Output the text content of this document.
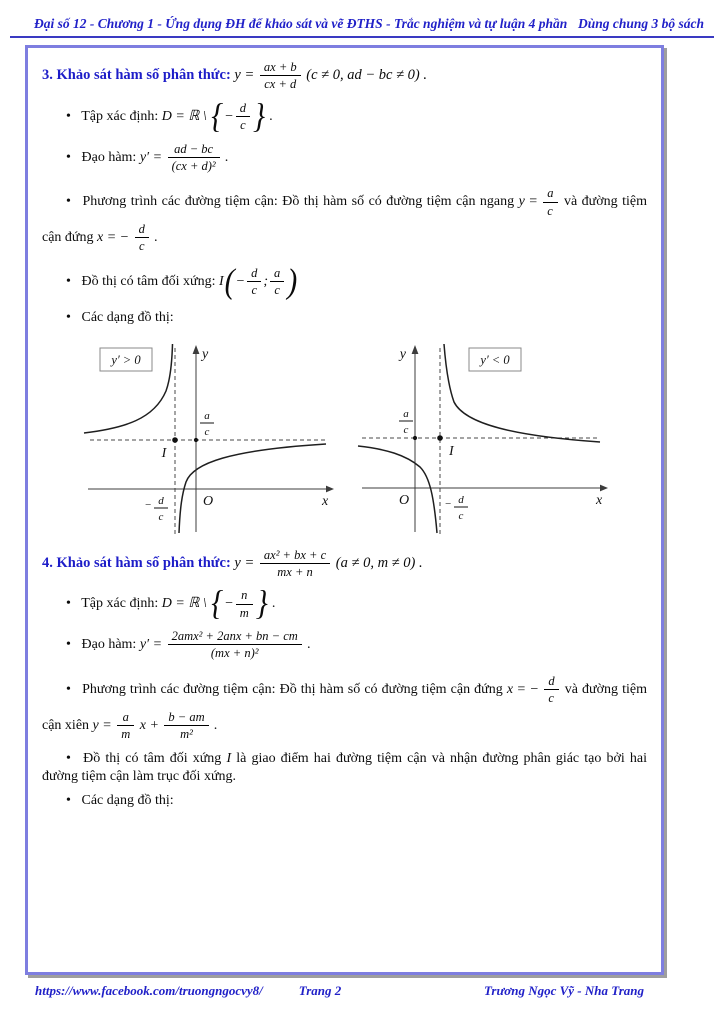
Đại số 12 - Chương 1 - Ứng dụng ĐH để khảo sát và vẽ ĐTHS - Trắc nghiệm và tự luận 4 phần Dùng chung 3 bộ sách
3. Khảo sát hàm số phân thức: $y = \frac{ax + b}{cx + d} (c \ne 0$, ad − bc ≠ 0) .
• Tập xác định: D = ℝ \ {− $\frac{d}{c}$ } .
• Đạo hàm: $y' = \frac{ad - bc}{\text{(cx + d)²}}$ .
• Phương trình các đường tiệm cận: Đồ thị hàm số có đường tiệm cận ngang $y = \frac{a}{c}$ và đường tiệm
cận đứng x = − $\frac{d}{c}$ .
• Đồ thị có tâm đối xứng: $I(- \frac{d}{c}$ ; $\frac{a}{c}$ )
• Các dạng đồ thị:
y′ > 0	y
x
O
I
a
c
− d
c
y′ < 0
y
x
O
I
a
c
− d
c
4. Khảo sát hàm số phân thức: $y = \frac{\text{ax² + bx + c}}{mx + n} (a \ne 0$, m ≠ 0) .
• Tập xác định: D = ℝ \ {− $\frac{n}{m}$ } .
• Đạo hàm: $y' = \frac{\text{2amx² + 2anx + bn − cm}}{\text{(mx + n)²}}$ .
• Phương trình các đường tiệm cận: Đồ thị hàm số có đường tiệm cận đứng x = − $\frac{d}{c}$ và đường tiệm
cận xiên $y = \frac{a}{m}$ $x + \frac{b - am}{\text{m²}}$ .
• Đồ thị có tâm đối xứng I là giao điểm hai đường tiệm cận và nhận đường phân giác tạo bởi hai
đường tiệm cận làm trục đối xứng.
• Các dạng đồ thị:
https://www.facebook.com/truongngocvy8/	Trang 2	Trương Ngọc Vỹ - Nha Trang
